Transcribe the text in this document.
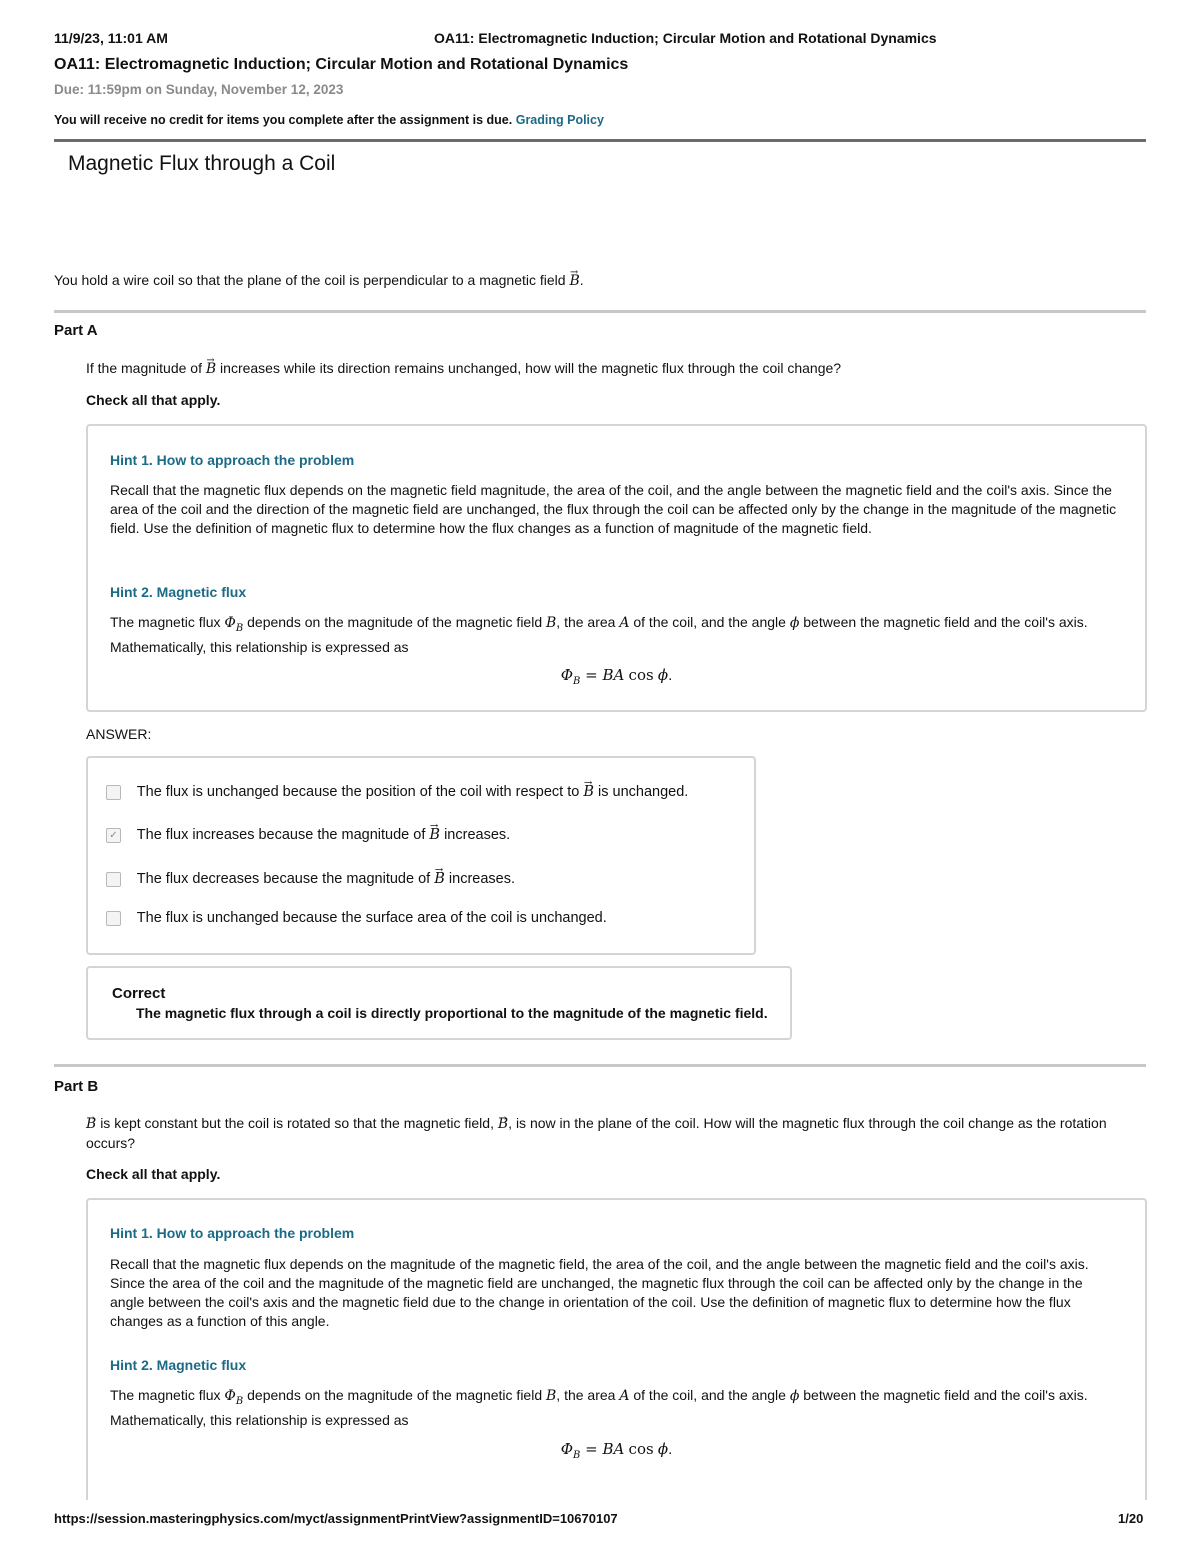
11/9/23, 11:01 AM	OA11: Electromagnetic Induction; Circular Motion and Rotational Dynamics
OA11: Electromagnetic Induction; Circular Motion and Rotational Dynamics
Due: 11:59pm on Sunday, November 12, 2023
You will receive no credit for items you complete after the assignment is due. Grading Policy
Magnetic Flux through a Coil
You hold a wire coil so that the plane of the coil is perpendicular to a magnetic field → B.
Part A
If the magnitude of → B increases while its direction remains unchanged, how will the magnetic flux through the coil change?
Check all that apply.
Hint 1. How to approach the problem
Recall that the magnetic flux depends on the magnetic field magnitude, the area of the coil, and the angle between the magnetic field and the coil's axis. Since the area of the coil and the direction of the magnetic field are unchanged, the flux through the coil can be affected only by the change in the magnitude of the magnetic field. Use the definition of magnetic flux to determine how the flux changes as a function of magnitude of the magnetic field.
Hint 2. Magnetic flux
The magnetic flux $\Phi_B$ depends on the magnitude of the magnetic field B, the area A of the coil, and the angle ϕ between the magnetic field and the coil's axis. Mathematically, this relationship is expressed as
$\Phi_B$ = BA cos ϕ.
ANSWER:
The flux is unchanged because the position of the coil with respect to → B is unchanged.
✓ The flux increases because the magnitude of → B increases.
The flux decreases because the magnitude of → B increases.
The flux is unchanged because the surface area of the coil is unchanged.
Correct
The magnetic flux through a coil is directly proportional to the magnitude of the magnetic field.
Part B
→ B is kept constant but the coil is rotated so that the magnetic field, → B, is now in the plane of the coil. How will the magnetic flux through the coil change as the rotation occurs?
Check all that apply.
Hint 1. How to approach the problem
Recall that the magnetic flux depends on the magnitude of the magnetic field, the area of the coil, and the angle between the magnetic field and the coil's axis. Since the area of the coil and the magnitude of the magnetic field are unchanged, the magnetic flux through the coil can be affected only by the change in the angle between the coil's axis and the magnetic field due to the change in orientation of the coil. Use the definition of magnetic flux to determine how the flux changes as a function of this angle.
Hint 2. Magnetic flux
The magnetic flux $\Phi_B$ depends on the magnitude of the magnetic field B, the area A of the coil, and the angle ϕ between the magnetic field and the coil's axis. Mathematically, this relationship is expressed as
$\Phi_B$ = BA cos ϕ.
https://session.masteringphysics.com/myct/assignmentPrintView?assignmentID=10670107	1/20
